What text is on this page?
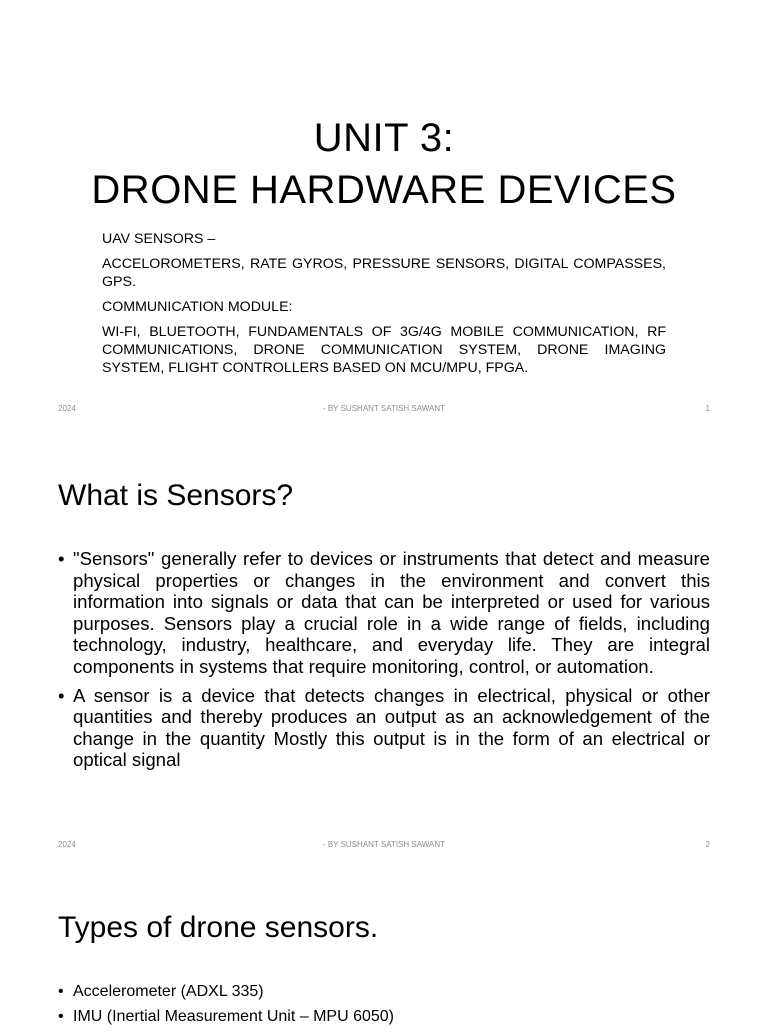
UNIT 3:
DRONE HARDWARE DEVICES

UAV SENSORS –

ACCELOROMETERS, RATE GYROS, PRESSURE SENSORS, DIGITAL COMPASSES, GPS.

COMMUNICATION MODULE:

WI-FI, BLUETOOTH, FUNDAMENTALS OF 3G/4G MOBILE COMMUNICATION, RF COMMUNICATIONS, DRONE COMMUNICATION SYSTEM, DRONE IMAGING SYSTEM, FLIGHT CONTROLLERS BASED ON MCU/MPU, FPGA.

2024	- BY SUSHANT SATISH SAWANT	1
What is Sensors?
• "Sensors" generally refer to devices or instruments that detect and measure physical properties or changes in the environment and convert this information into signals or data that can be interpreted or used for various purposes. Sensors play a crucial role in a wide range of fields, including technology, industry, healthcare, and everyday life. They are integral components in systems that require monitoring, control, or automation.
• A sensor is a device that detects changes in electrical, physical or other quantities and thereby produces an output as an acknowledgement of the change in the quantity Mostly this output is in the form of an electrical or optical signal
2024	- BY SUSHANT SATISH SAWANT	2
Types of drone sensors.
• Accelerometer (ADXL 335)
• IMU (Inertial Measurement Unit – MPU 6050)
